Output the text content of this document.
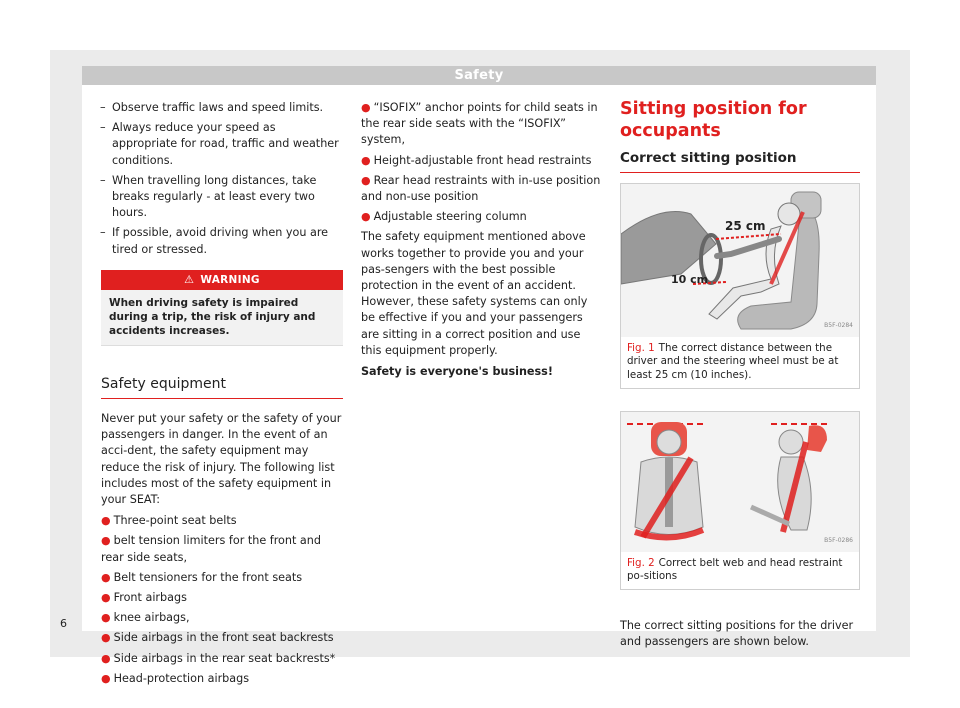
Safety
– Observe traffic laws and speed limits.
– Always reduce your speed as appropriate for road, traffic and weather conditions.
– When travelling long distances, take breaks regularly - at least every two hours.
– If possible, avoid driving when you are tired or stressed.
⚠ WARNING
When driving safety is impaired during a trip, the risk of injury and accidents increases.
Safety equipment

Never put your safety or the safety of your passengers in danger. In the event of an acci-dent, the safety equipment may reduce the risk of injury. The following list includes most of the safety equipment in your SEAT:

● Three-point seat belts
● belt tension limiters for the front and rear side seats,
● Belt tensioners for the front seats
● Front airbags
● knee airbags,
● Side airbags in the front seat backrests
● Side airbags in the rear seat backrests*
● Head-protection airbags
● “ISOFIX” anchor points for child seats in the rear side seats with the “ISOFIX” system,
● Height-adjustable front head restraints
● Rear head restraints with in-use position and non-use position
● Adjustable steering column

The safety equipment mentioned above works together to provide you and your pas-sengers with the best possible protection in the event of an accident. However, these safety systems can only be effective if you and your passengers are sitting in a correct position and use this equipment properly.

Safety is everyone's business!

Sitting position for occupants
Correct sitting position
25 cm
10 cm
B5F-0284
Fig. 1 The correct distance between the driver and the steering wheel must be at least 25 cm (10 inches).
B5F-0286
Fig. 2 Correct belt web and head restraint po-sitions

The correct sitting positions for the driver and passengers are shown below.

6
